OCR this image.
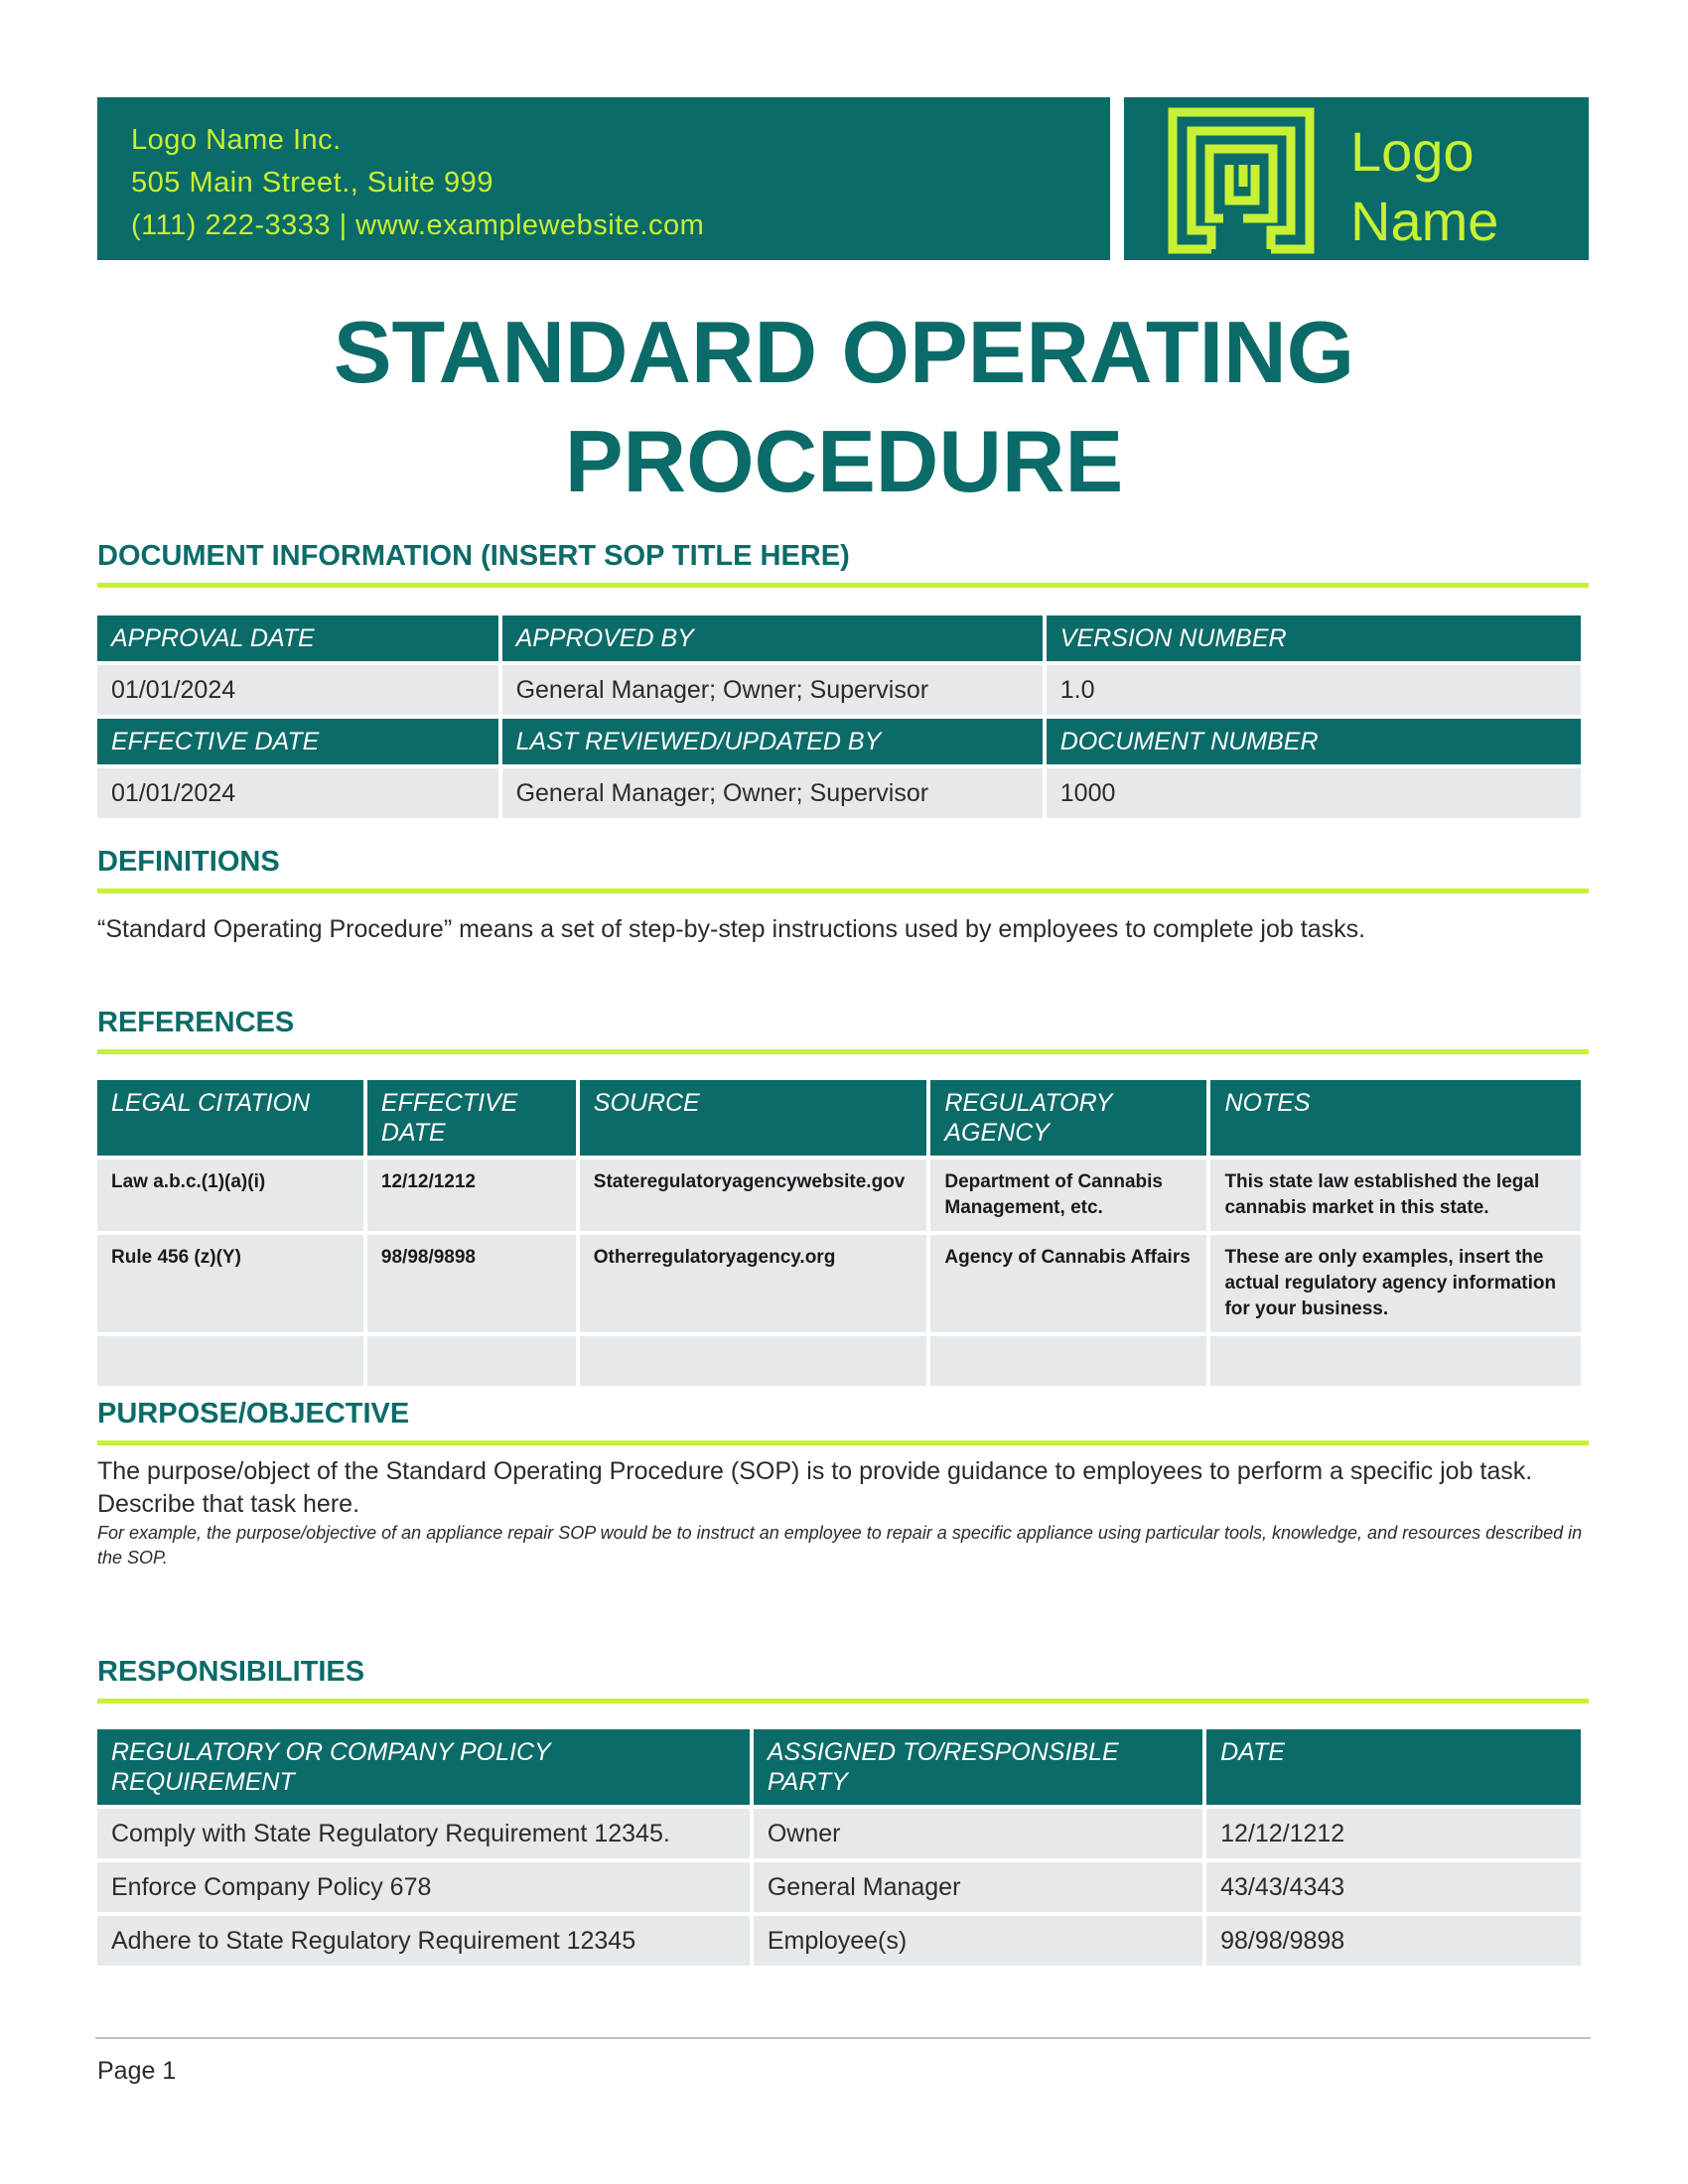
Logo Name Inc.
505 Main Street., Suite 999
(111) 222-3333 | www.examplewebsite.com
Logo
Name
STANDARD OPERATING
PROCEDURE
DOCUMENT INFORMATION (INSERT SOP TITLE HERE)
APPROVAL DATE	APPROVED BY	VERSION NUMBER
01/01/2024	General Manager; Owner; Supervisor	1.0
EFFECTIVE DATE	LAST REVIEWED/UPDATED BY	DOCUMENT NUMBER
01/01/2024	General Manager; Owner; Supervisor	1000
DEFINITIONS
“Standard Operating Procedure” means a set of step-by-step instructions used by employees to complete job tasks.
REFERENCES
LEGAL CITATION	EFFECTIVE DATE	SOURCE	REGULATORY AGENCY	NOTES
Law a.b.c.(1)(a)(i)	12/12/1212	Stateregulatoryagencywebsite.gov	Department of Cannabis Management, etc.	This state law established the legal cannabis market in this state.
Rule 456 (z)(Y)	98/98/9898	Otherregulatoryagency.org	Agency of Cannabis Affairs	These are only examples, insert the actual regulatory agency information for your business.

PURPOSE/OBJECTIVE
The purpose/object of the Standard Operating Procedure (SOP) is to provide guidance to employees to perform a specific job task. Describe that task here.
For example, the purpose/objective of an appliance repair SOP would be to instruct an employee to repair a specific appliance using particular tools, knowledge, and resources described in the SOP.
RESPONSIBILITIES
REGULATORY OR COMPANY POLICY REQUIREMENT	ASSIGNED TO/RESPONSIBLE PARTY	DATE
Comply with State Regulatory Requirement 12345.	Owner	12/12/1212
Enforce Company Policy 678	General Manager	43/43/4343
Adhere to State Regulatory Requirement 12345	Employee(s)	98/98/9898
Page 1
